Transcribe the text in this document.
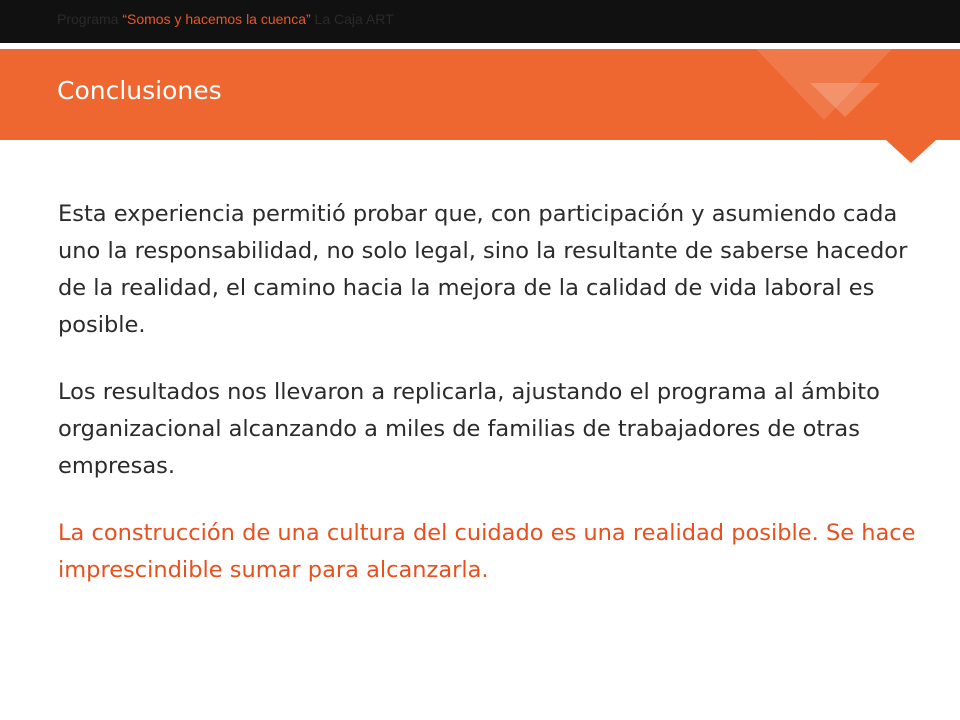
Programa “Somos y hacemos la cuenca” La Caja ART
Conclusiones

Esta experiencia permitió probar que, con participación y asumiendo cada uno la responsabilidad, no solo legal, sino la resultante de saberse hacedor de la realidad, el camino hacia la mejora de la calidad de vida laboral es posible.

Los resultados nos llevaron a replicarla, ajustando el programa al ámbito organizacional alcanzando a miles de familias de trabajadores de otras empresas.

La construcción de una cultura del cuidado es una realidad posible. Se hace imprescindible sumar para alcanzarla.
